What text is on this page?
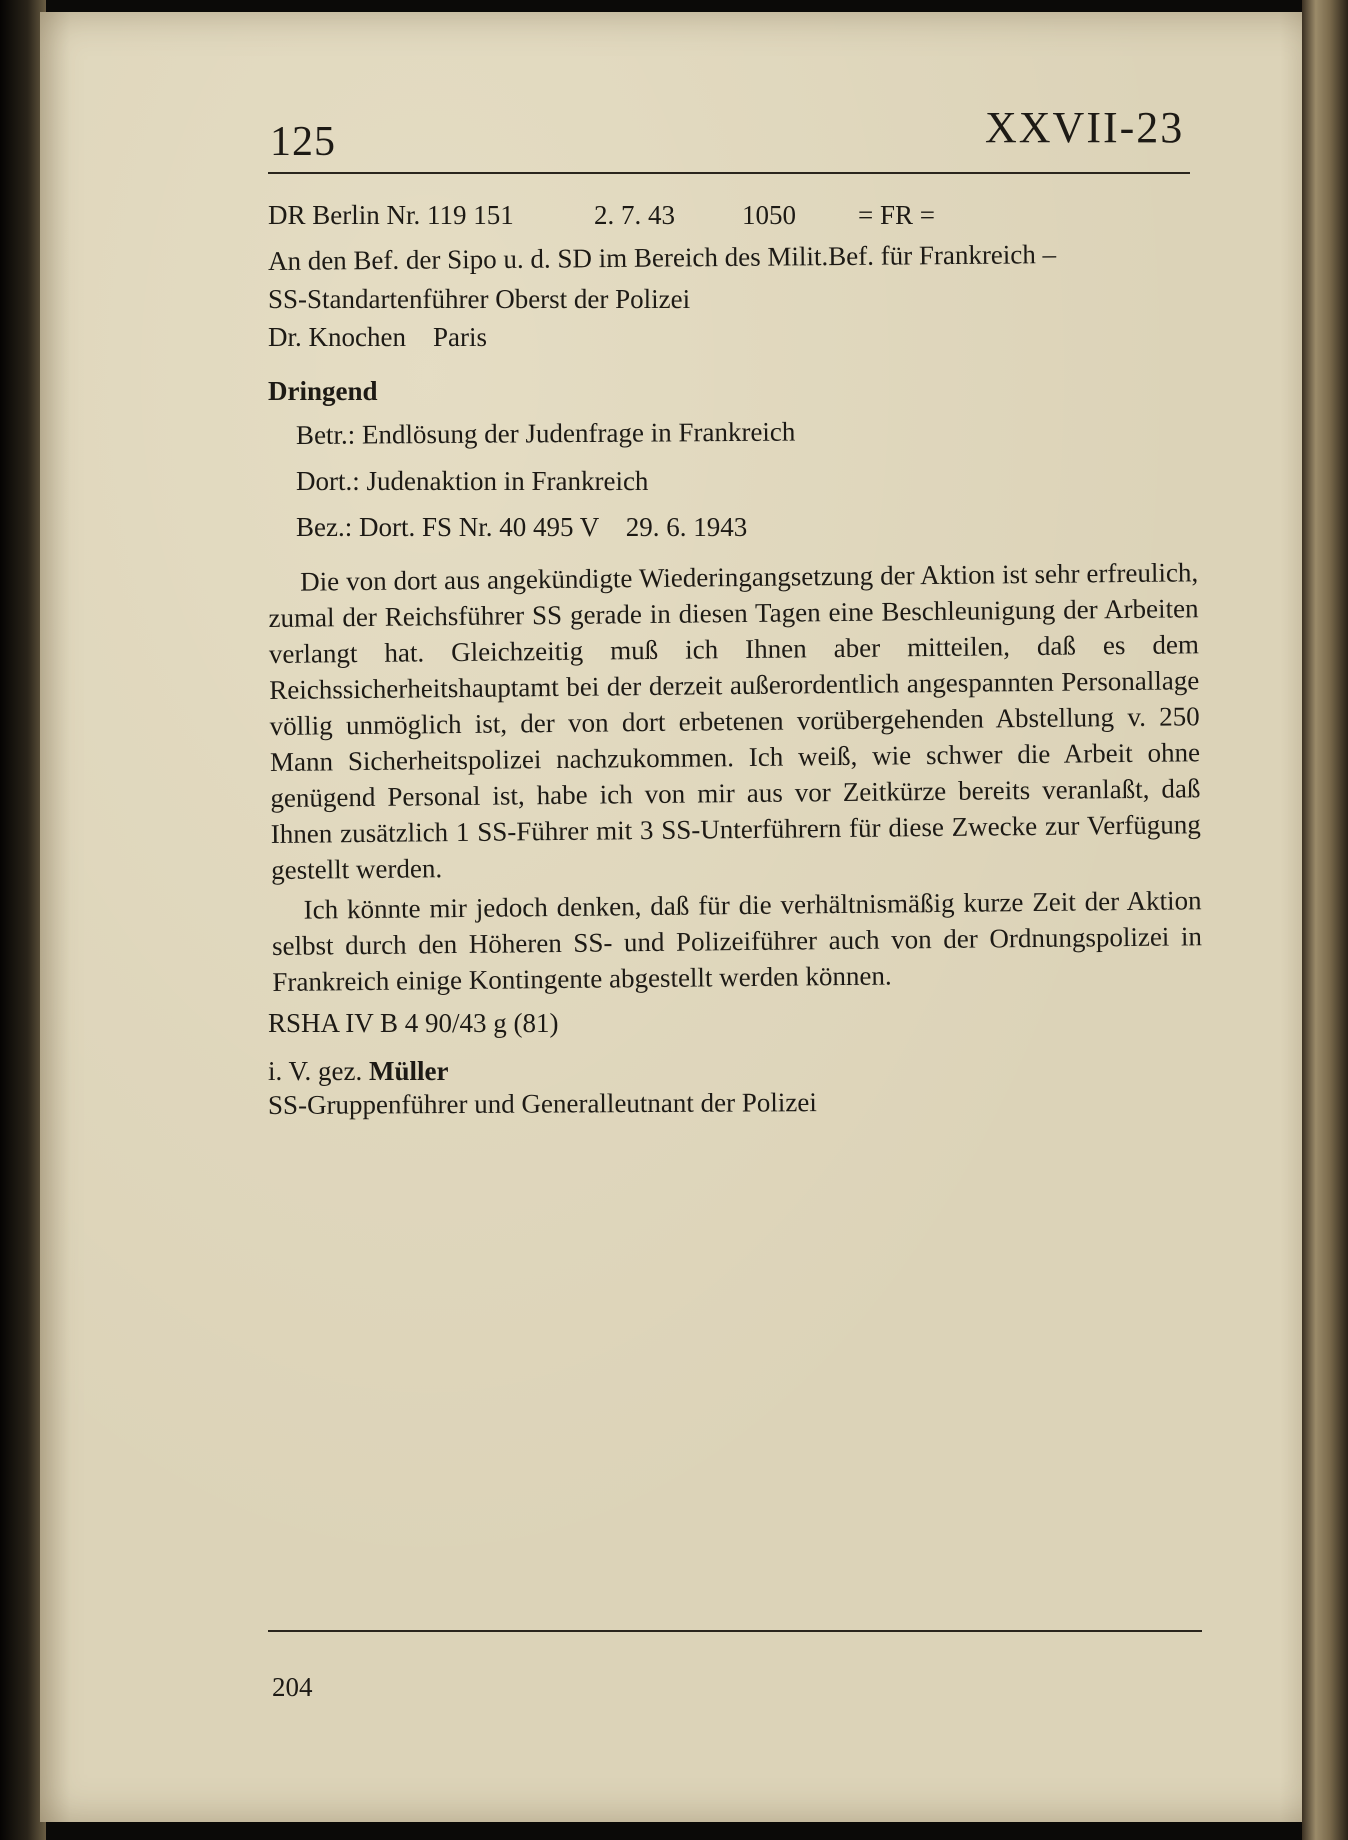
125	XXVII-23
DR Berlin Nr. 119 151	2. 7. 43 1050 = FR =
An den Bef. der Sipo u. d. SD im Bereich des Milit.Bef. für Frankreich –
SS-Standartenführer Oberst der Polizei
Dr. Knochen    Paris
Dringend
Betr.: Endlösung der Judenfrage in Frankreich
Dort.: Judenaktion in Frankreich
Bez.: Dort. FS Nr. 40 495 V    29. 6. 1943

Die von dort aus angekündigte Wiederingangsetzung der Aktion ist sehr erfreulich, zumal der Reichsführer SS gerade in diesen Tagen eine Beschleunigung der Arbeiten verlangt hat. Gleichzeitig muß ich Ihnen aber mitteilen, daß es dem Reichssicherheitshauptamt bei der derzeit außerordentlich angespannten Personallage völlig unmöglich ist, der von dort erbetenen vorübergehenden Abstellung v. 250 Mann Sicherheitspolizei nachzukommen. Ich weiß, wie schwer die Arbeit ohne genügend Personal ist, habe ich von mir aus vor Zeitkürze bereits veranlaßt, daß Ihnen zusätzlich 1 SS-Führer mit 3 SS-Unterführern für diese Zwecke zur Verfügung gestellt werden.

Ich könnte mir jedoch denken, daß für die verhältnismäßig kurze Zeit der Aktion selbst durch den Höheren SS- und Polizeiführer auch von der Ordnungspolizei in Frankreich einige Kontingente abgestellt werden können.

RSHA IV B 4 90/43 g (81)
i. V. gez. Müller
SS-Gruppenführer und Generalleutnant der Polizei
204
